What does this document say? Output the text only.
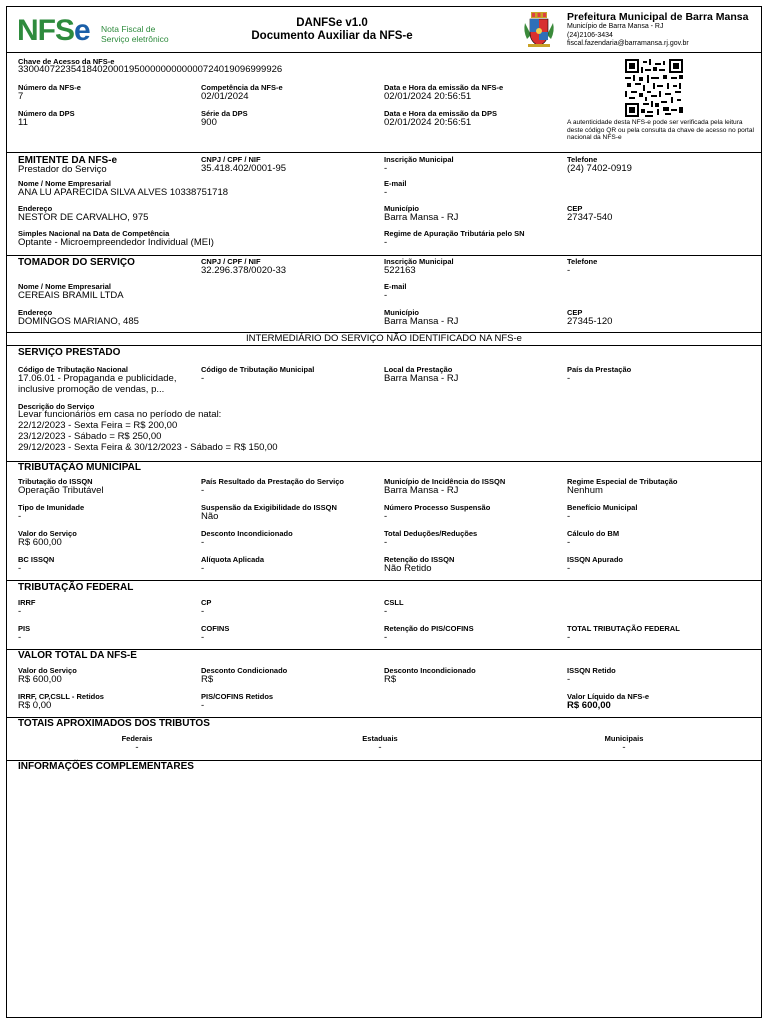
NFSe Nota Fiscal de
Serviço eletrônico
DANFSe v1.0
Documento Auxiliar da NFS-e
Prefeitura Municipal de Barra Mansa
Município de Barra Mansa - RJ
(24)2106-3434
fiscal.fazendaria@barramansa.rj.gov.br
Chave de Acesso da NFS-e
33004072235418402000195000000000000724019096999926
Número da NFS-e
7
Competência da NFS-e
02/01/2024
Data e Hora da emissão da NFS-e
02/01/2024 20:56:51
Número da DPS
11
Série da DPS
900
Data e Hora da emissão da DPS
02/01/2024 20:56:51	A autenticidade desta NFS-e pode ser verificada pela leitura deste código QR ou pela consulta da chave de acesso no portal nacional da NFS-e
EMITENTE DA NFS-e
Prestador do Serviço
CNPJ / CPF / NIF
35.418.402/0001-95
Inscrição Municipal
-
Telefone
(24) 7402-0919
Nome / Nome Empresarial
ANA LU APARECIDA SILVA ALVES 10338751718
E-mail
-
Endereço
NESTOR DE CARVALHO, 975
Município
Barra Mansa - RJ
CEP
27347-540
Simples Nacional na Data de Competência
Optante - Microempreendedor Individual (MEI)
Regime de Apuração Tributária pelo SN
-
TOMADOR DO SERVIÇO	CNPJ / CPF / NIF
32.296.378/0020-33
Inscrição Municipal
522163
Telefone
-
Nome / Nome Empresarial
CEREAIS BRAMIL LTDA
E-mail
-
Endereço
DOMINGOS MARIANO, 485
Município
Barra Mansa - RJ
CEP
27345-120
INTERMEDIÁRIO DO SERVIÇO NÃO IDENTIFICADO NA NFS-e
SERVIÇO PRESTADO
Código de Tributação Nacional
17.06.01 - Propaganda e publicidade,
inclusive promoção de vendas, p...
Código de Tributação Municipal
-
Local da Prestação
Barra Mansa - RJ
País da Prestação
-
Descrição do Serviço
Levar funcionários em casa no período de natal:
22/12/2023 - Sexta Feira = R$ 200,00
23/12/2023 - Sábado = R$ 250,00
29/12/2023 - Sexta Feira & 30/12/2023 - Sábado = R$ 150,00
TRIBUTAÇÃO MUNICIPAL
Tributação do ISSQN
Operação Tributável
País Resultado da Prestação do Serviço
-
Município de Incidência do ISSQN
Barra Mansa - RJ
Regime Especial de Tributação
Nenhum
Tipo de Imunidade
-
Suspensão da Exigibilidade do ISSQN
Não
Número Processo Suspensão
-
Benefício Municipal
-
Valor do Serviço
R$ 600,00
Desconto Incondicionado
-
Total Deduções/Reduções
-
Cálculo do BM
-
BC ISSQN
-
Alíquota Aplicada
-
Retenção do ISSQN
Não Retido
ISSQN Apurado
-
TRIBUTAÇÃO FEDERAL
IRRF
-
CP
-
CSLL
-
PIS
-
COFINS
-
Retenção do PIS/COFINS
-
TOTAL TRIBUTAÇÃO FEDERAL
-
VALOR TOTAL DA NFS-E
Valor do Serviço
R$ 600,00
Desconto Condicionado
R$
Desconto Incondicionado
R$
ISSQN Retido
-
IRRF, CP,CSLL - Retidos
R$ 0,00
PIS/COFINS Retidos
-
Valor Líquido da NFS-e
R$ 600,00
TOTAIS APROXIMADOS DOS TRIBUTOS
Federais
-
Estaduais
-
Municipais
-
INFORMAÇÕES COMPLEMENTARES
